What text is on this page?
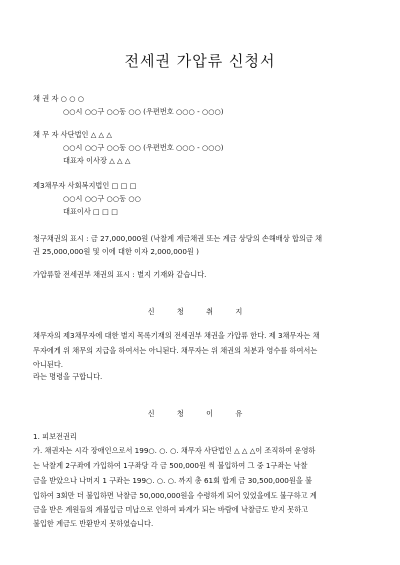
전세권 가압류 신청서
채 권 자 ○ ○ ○
○○시 ○○구 ○○동 ○○ (우편번호 ○○○ - ○○○)
채 무 자 사단법인 △ △ △
○○시 ○○구 ○○동 ○○ (우편번호 ○○○ - ○○○)
대표자 이사장 △ △ △
제3채무자 사회복지법인 □ □ □
○○시 ○○구 ○○동 ○○
대표이사 □ □ □
청구채권의 표시 : 금 27,000,000원 (낙찰계 계금채권 또는 계금 상당의 손해배상 합의금 채
권 25,000,000원 및 이에 대한 이자 2,000,000원 )
가압류할 전세권부 채권의 표시 : 별지 기재와 같습니다.
신 청 취 지
채무자의 제3채무자에 대한 별지 목록기재의 전세권부 채권을 가압류 한다. 제 3채무자는 채
무자에게 위 채무의 지급을 하여서는 아니된다. 채무자는 위 채권의 처분과 영수를 하여서는
아니된다.
라는 명령을 구합니다.
신 청 이 유
1. 피보전권리
가. 채권자는 시각 장애인으로서 199○. ○. ○. 채무자 사단법인 △ △ △이 조직하여 운영하
는 낙찰계 2구좌에 가입하여 1구좌당 각 금 500,000원 씩 불입하여 그 중 1구좌는 낙찰
금을 받았으나 나머지 1 구좌는 199○. ○. ○. 까지 총 61회 합계 금 30,500,000원을 불
입하여 3회만 더 불입하면 낙찰금 50,000,000원을 수령하게 되어 있었을에도 불구하고 계
금을 받은 계원들의 계불입금 미납으로 인하여 파계가 되는 바람에 낙찰금도 받지 못하고
불입한 계금도 반환받지 못하였습니다.
